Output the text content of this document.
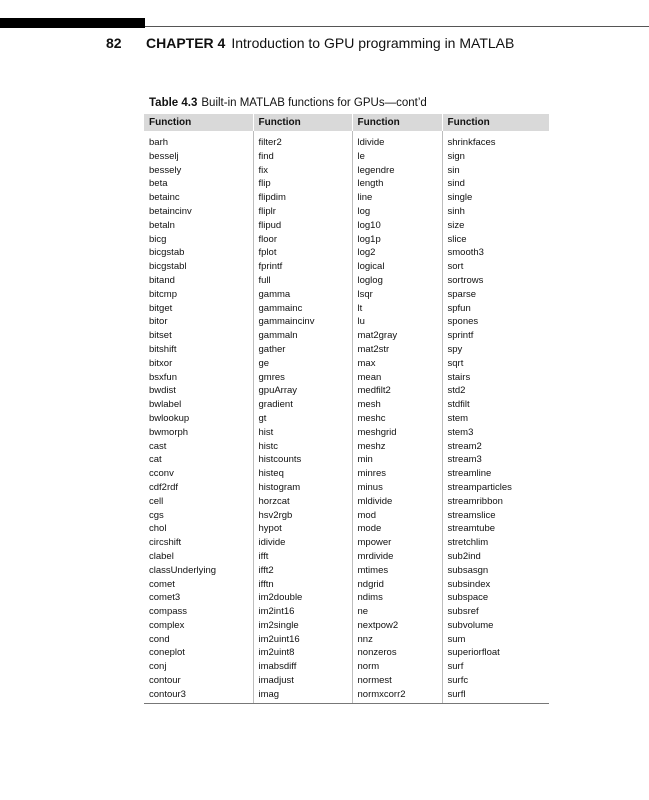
82 CHAPTER 4 Introduction to GPU programming in MATLAB
Table 4.3 Built-in MATLAB functions for GPUs—cont’d
Function	Function	Function	Function
barh	filter2	ldivide	shrinkfaces
besselj	find	le	sign
bessely	fix	legendre	sin
beta	flip	length	sind
betainc	flipdim	line	single
betaincinv	fliplr	log	sinh
betaln	flipud	log10	size
bicg	floor	log1p	slice
bicgstab	fplot	log2	smooth3
bicgstabl	fprintf	logical	sort
bitand	full	loglog	sortrows
bitcmp	gamma	lsqr	sparse
bitget	gammainc	lt	spfun
bitor	gammaincinv	lu	spones
bitset	gammaln	mat2gray	sprintf
bitshift	gather	mat2str	spy
bitxor	ge	max	sqrt
bsxfun	gmres	mean	stairs
bwdist	gpuArray	medfilt2	std2
bwlabel	gradient	mesh	stdfilt
bwlookup	gt	meshc	stem
bwmorph	hist	meshgrid	stem3
cast	histc	meshz	stream2
cat	histcounts	min	stream3
cconv	histeq	minres	streamline
cdf2rdf	histogram	minus	streamparticles
cell	horzcat	mldivide	streamribbon
cgs	hsv2rgb	mod	streamslice
chol	hypot	mode	streamtube
circshift	idivide	mpower	stretchlim
clabel	ifft	mrdivide	sub2ind
classUnderlying	ifft2	mtimes	subsasgn
comet	ifftn	ndgrid	subsindex
comet3	im2double	ndims	subspace
compass	im2int16	ne	subsref
complex	im2single	nextpow2	subvolume
cond	im2uint16	nnz	sum
coneplot	im2uint8	nonzeros	superiorfloat
conj	imabsdiff	norm	surf
contour	imadjust	normest	surfc
contour3	imag	normxcorr2	surfl
